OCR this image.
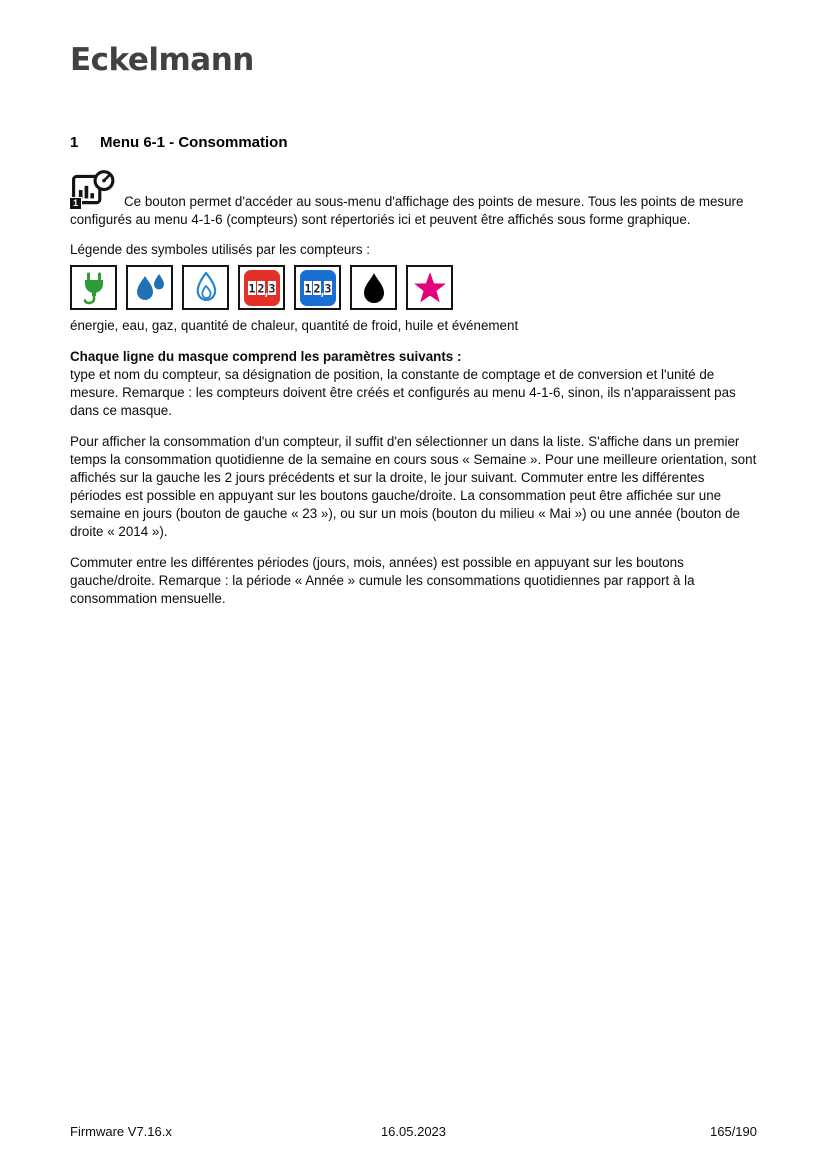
Eckelmann
1	Menu 6-1 - Consommation
1	Ce bouton permet d'accéder au sous-menu d'affichage des points de mesure. Tous les points de mesure configurés au menu 4-1-6 (compteurs) sont répertoriés ici et peuvent être affichés sous forme graphique.
Légende des symboles utilisés par les compteurs :
1 2
,
3	1 2
,
3
énergie, eau, gaz, quantité de chaleur, quantité de froid, huile et événement
Chaque ligne du masque comprend les paramètres suivants :
type et nom du compteur, sa désignation de position, la constante de comptage et de conversion et l'unité de mesure. Remarque : les compteurs doivent être créés et configurés au menu 4-1-6, sinon, ils n'apparaissent pas dans ce masque.
Pour afficher la consommation d'un compteur, il suffit d'en sélectionner un dans la liste. S'affiche dans un premier temps la consommation quotidienne de la semaine en cours sous « Semaine ». Pour une meilleure orientation, sont affichés sur la gauche les 2 jours précédents et sur la droite, le jour suivant. Commuter entre les différentes périodes est possible en appuyant sur les boutons gauche/droite. La consommation peut être affichée sur une semaine en jours (bouton de gauche « 23 »), ou sur un mois (bouton du milieu « Mai ») ou une année (bouton de droite « 2014 »).
Commuter entre les différentes périodes (jours, mois, années) est possible en appuyant sur les boutons gauche/droite. Remarque : la période « Année » cumule les consommations quotidiennes par rapport à la consommation mensuelle.
Firmware V7.16.x	16.05.2023	165/190
